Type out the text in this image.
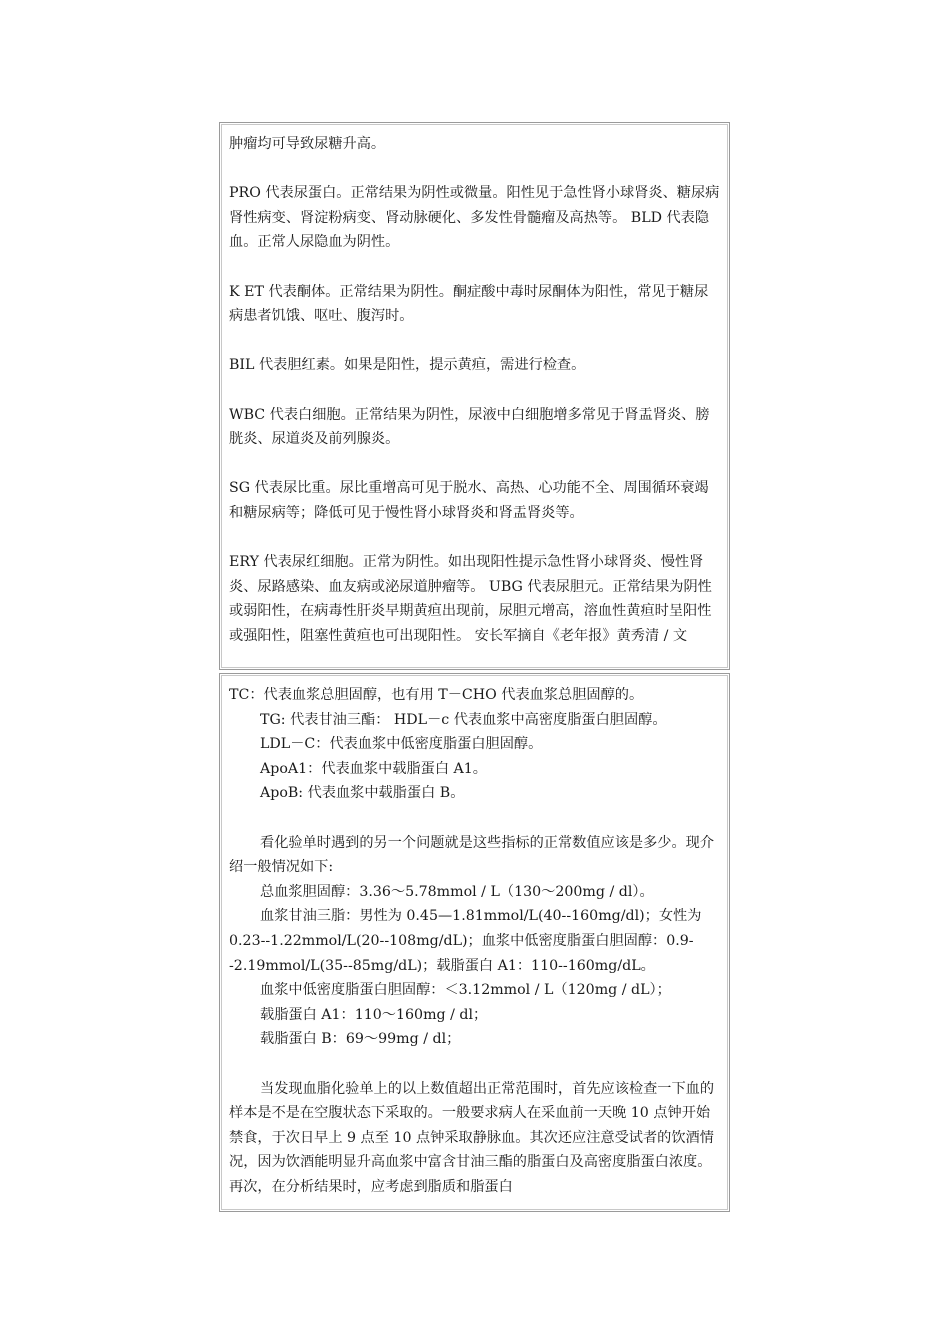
肿瘤均可导致尿糖升高。

PRO 代表尿蛋白。正常结果为阴性或微量。阳性见于急性肾小球肾炎、糖尿病肾性病变、肾淀粉病变、肾动脉硬化、多发性骨髓瘤及高热等。 BLD 代表隐血。正常人尿隐血为阴性。

K ET 代表酮体。正常结果为阴性。酮症酸中毒时尿酮体为阳性，常见于糖尿病患者饥饿、呕吐、腹泻时。

BIL 代表胆红素。如果是阳性，提示黄疸，需进行检查。

WBC 代表白细胞。正常结果为阴性，尿液中白细胞增多常见于肾盂肾炎、膀胱炎、尿道炎及前列腺炎。

SG 代表尿比重。尿比重增高可见于脱水、高热、心功能不全、周围循环衰竭和糖尿病等；降低可见于慢性肾小球肾炎和肾盂肾炎等。

ERY 代表尿红细胞。正常为阴性。如出现阳性提示急性肾小球肾炎、慢性肾炎、尿路感染、血友病或泌尿道肿瘤等。 UBG 代表尿胆元。正常结果为阴性或弱阳性，在病毒性肝炎早期黄疸出现前，尿胆元增高，溶血性黄疸时呈阳性或强阳性，阻塞性黄疸也可出现阳性。 安长军摘自《老年报》黄秀清 / 文

TC：代表血浆总胆固醇，也有用 T－CHO 代表血浆总胆固醇的。

TG: 代表甘油三酯： HDL－c 代表血浆中高密度脂蛋白胆固醇。

LDL－C：代表血浆中低密度脂蛋白胆固醇。

ApoA1：代表血浆中载脂蛋白 A1。

ApoB: 代表血浆中载脂蛋白 B。

看化验单时遇到的另一个问题就是这些指标的正常数值应该是多少。现介绍一般情况如下:

总血浆胆固醇：3.36～5.78mmol / L（130～200mg / dl）。

血浆甘油三脂：男性为 0.45—1.81mmol/L(40--160mg/dl)；女性为 0.23--1.22mmol/L(20--108mg/dL)；血浆中低密度脂蛋白胆固醇：0.9--2.19mmol/L(35--85mg/dL)；载脂蛋白 A1：110--160mg/dL。

血浆中低密度脂蛋白胆固醇：＜3.12mmol / L（120mg / dL）；

载脂蛋白 A1：110～160mg / dl；

载脂蛋白 B：69～99mg / dl；

当发现血脂化验单上的以上数值超出正常范围时，首先应该检查一下血的样本是不是在空腹状态下采取的。一般要求病人在采血前一天晚 10 点钟开始禁食，于次日早上 9 点至 10 点钟采取静脉血。其次还应注意受试者的饮酒情况，因为饮酒能明显升高血浆中富含甘油三酯的脂蛋白及高密度脂蛋白浓度。再次，在分析结果时，应考虑到脂质和脂蛋白
